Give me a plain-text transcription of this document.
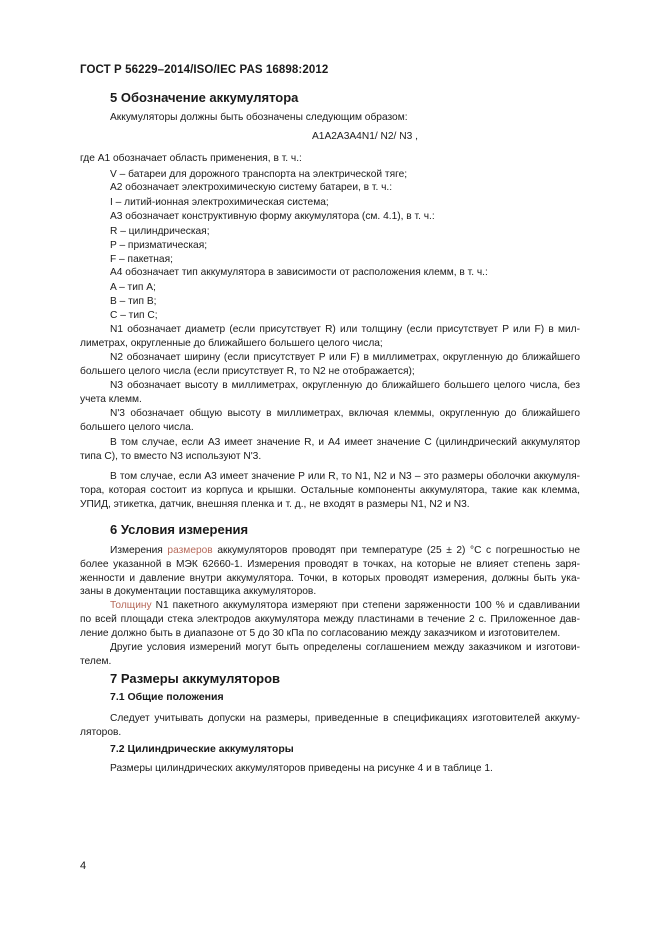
ГОСТ Р 56229–2014/ISO/IEC PAS 16898:2012
5 Обозначение аккумулятора
Аккумуляторы должны быть обозначены следующим образом:
A1A2A3A4N1/ N2/ N3 ,
где A1 обозначает область применения, в т. ч.:
V – батареи для дорожного транспорта на электрической тяге;
A2 обозначает электрохимическую систему батареи, в т. ч.:
I – литий-ионная электрохимическая система;
A3 обозначает конструктивную форму аккумулятора (см. 4.1), в т. ч.:
R – цилиндрическая;
P – призматическая;
F – пакетная;
A4 обозначает тип аккумулятора в зависимости от расположения клемм, в т. ч.:
A – тип A;
B – тип B;
C – тип C;
N1 обозначает диаметр (если присутствует R) или толщину (если присутствует P или F) в мил-
лиметрах, округленные до ближайшего большего целого числа;
N2 обозначает ширину (если присутствует P или F) в миллиметрах, округленную до ближайшего
большего целого числа (если присутствует R, то N2 не отображается);
N3 обозначает высоту в миллиметрах, округленную до ближайшего большего целого числа, без
учета клемм.
N'3 обозначает общую высоту в миллиметрах, включая клеммы, округленную до ближайшего
большего целого числа.
В том случае, если A3 имеет значение R, и A4 имеет значение C (цилиндрический аккумулятор
типа C), то вместо N3 используют N'3.
В том случае, если A3 имеет значение P или R, то N1, N2 и N3 – это размеры оболочки аккумуля-
тора, которая состоит из корпуса и крышки. Остальные компоненты аккумулятора, такие как клемма,
УПИД, этикетка, датчик, внешняя пленка и т. д., не входят в размеры N1, N2 и N3.
6 Условия измерения
Измерения размеров аккумуляторов проводят при температуре (25 ± 2) °C с погрешностью не
более указанной в МЭК 62660-1. Измерения проводят в точках, на которые не влияет степень заря-
женности и давление внутри аккумулятора. Точки, в которых проводят измерения, должны быть ука-
заны в документации поставщика аккумуляторов.
Толщину N1 пакетного аккумулятора измеряют при степени заряженности 100 % и сдавливании
по всей площади стека электродов аккумулятора между пластинами в течение 2 с. Приложенное дав-
ление должно быть в диапазоне от 5 до 30 кПа по согласованию между заказчиком и изготовителем.
Другие условия измерений могут быть определены соглашением между заказчиком и изготови-
телем.
7 Размеры аккумуляторов
7.1 Общие положения
Следует учитывать допуски на размеры, приведенные в спецификациях изготовителей аккуму-
ляторов.
7.2 Цилиндрические аккумуляторы
Размеры цилиндрических аккумуляторов приведены на рисунке 4 и в таблице 1.
4
